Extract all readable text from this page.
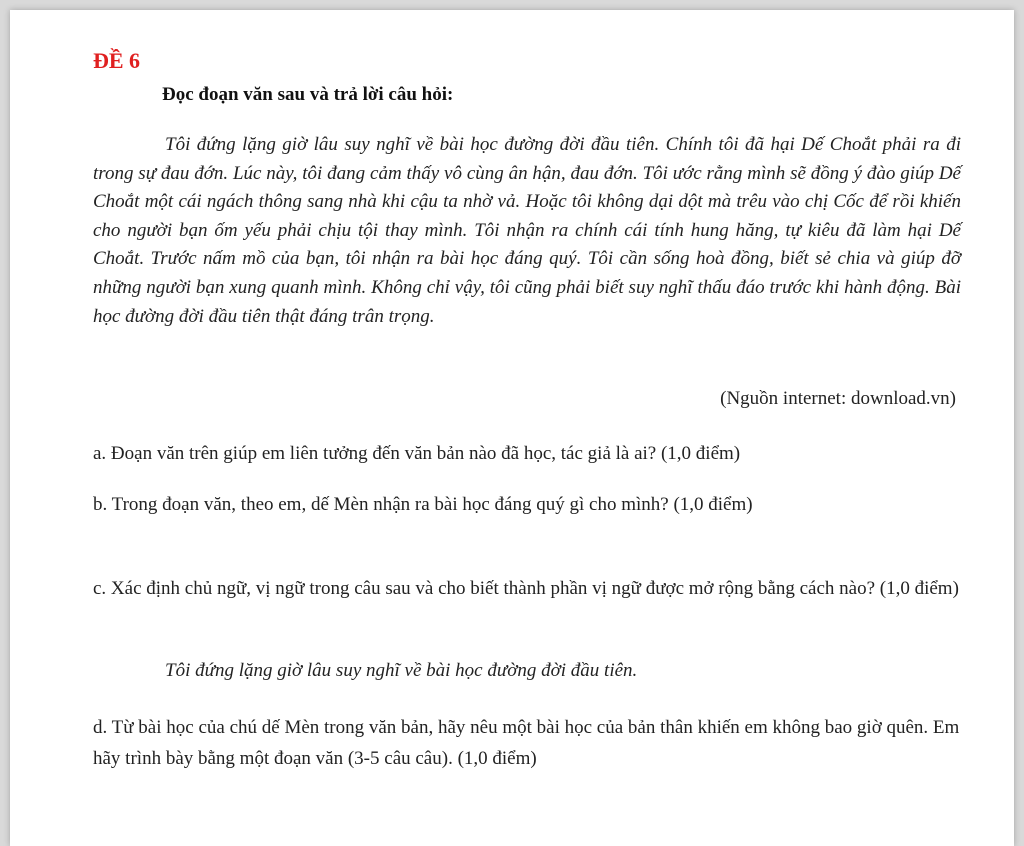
ĐỀ 6

Đọc đoạn văn sau và trả lời câu hỏi:

Tôi đứng lặng giờ lâu suy nghĩ về bài học đường đời đầu tiên. Chính tôi đã hại Dế Choắt phải ra đi trong sự đau đớn. Lúc này, tôi đang cảm thấy vô cùng ân hận, đau đớn. Tôi ước rằng mình sẽ đồng ý đào giúp Dế Choắt một cái ngách thông sang nhà khi cậu ta nhờ vả. Hoặc tôi không dại dột mà trêu vào chị Cốc để rồi khiến cho người bạn ốm yếu phải chịu tội thay mình. Tôi nhận ra chính cái tính hung hăng, tự kiêu đã làm hại Dế Choắt. Trước nấm mồ của bạn, tôi nhận ra bài học đáng quý. Tôi cần sống hoà đồng, biết sẻ chia và giúp đỡ những người bạn xung quanh mình. Không chỉ vậy, tôi cũng phải biết suy nghĩ thấu đáo trước khi hành động. Bài học đường đời đầu tiên thật đáng trân trọng.

(Nguồn internet: download.vn)

a. Đoạn văn trên giúp em liên tưởng đến văn bản nào đã học, tác giả là ai? (1,0 điểm)

b. Trong đoạn văn, theo em, dế Mèn nhận ra bài học đáng quý gì cho mình? (1,0 điểm)

c. Xác định chủ ngữ, vị ngữ trong câu sau và cho biết thành phần vị ngữ được mở rộng bằng cách nào? (1,0 điểm)

Tôi đứng lặng giờ lâu suy nghĩ về bài học đường đời đầu tiên.

d. Từ bài học của chú dế Mèn trong văn bản, hãy nêu một bài học của bản thân khiến em không bao giờ quên. Em hãy trình bày bằng một đoạn văn (3-5 câu câu). (1,0 điểm)
